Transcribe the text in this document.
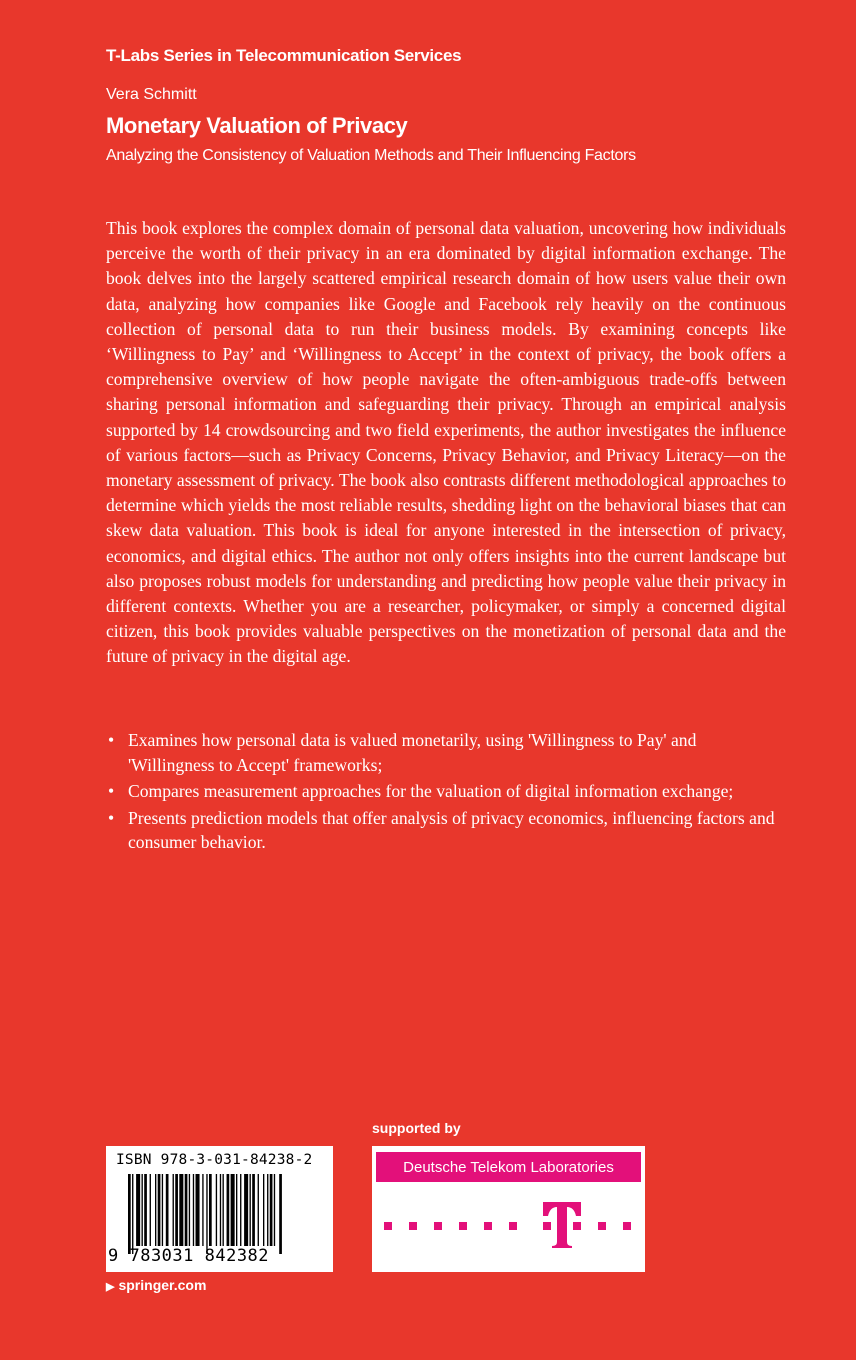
T-Labs Series in Telecommunication Services
Vera Schmitt
Monetary Valuation of Privacy
Analyzing the Consistency of Valuation Methods and Their Influencing Factors

This book explores the complex domain of personal data valuation, uncovering how individuals perceive the worth of their privacy in an era dominated by digital information exchange. The book delves into the largely scattered empirical research domain of how users value their own data, analyzing how companies like Google and Facebook rely heavily on the continuous collection of personal data to run their business models. By examining concepts like ‘Willingness to Pay’ and ‘Willingness to Accept’ in the context of privacy, the book offers a comprehensive overview of how people navigate the often-ambiguous trade-offs between sharing personal information and safeguarding their privacy. Through an empirical analysis supported by 14 crowdsourcing and two field experiments, the author investigates the influence of various factors—such as Privacy Concerns, Privacy Behavior, and Privacy Literacy—on the monetary assessment of privacy. The book also contrasts different methodological approaches to determine which yields the most reliable results, shedding light on the behavioral biases that can skew data valuation. This book is ideal for anyone interested in the intersection of privacy, economics, and digital ethics. The author not only offers insights into the current landscape but also proposes robust models for understanding and predicting how people value their privacy in different contexts. Whether you are a researcher, policymaker, or simply a concerned digital citizen, this book provides valuable perspectives on the monetization of personal data and the future of privacy in the digital age.

• Examines how personal data is valued monetarily, using 'Willingness to Pay' and 'Willingness to Accept' frameworks;
• Compares measurement approaches for the valuation of digital information exchange;
• Presents prediction models that offer analysis of privacy economics, influencing factors and consumer behavior.
supported by
ISBN 978-3-031-84238-2
9 783031 842382
▶ springer.com
Deutsche Telekom Laboratories
